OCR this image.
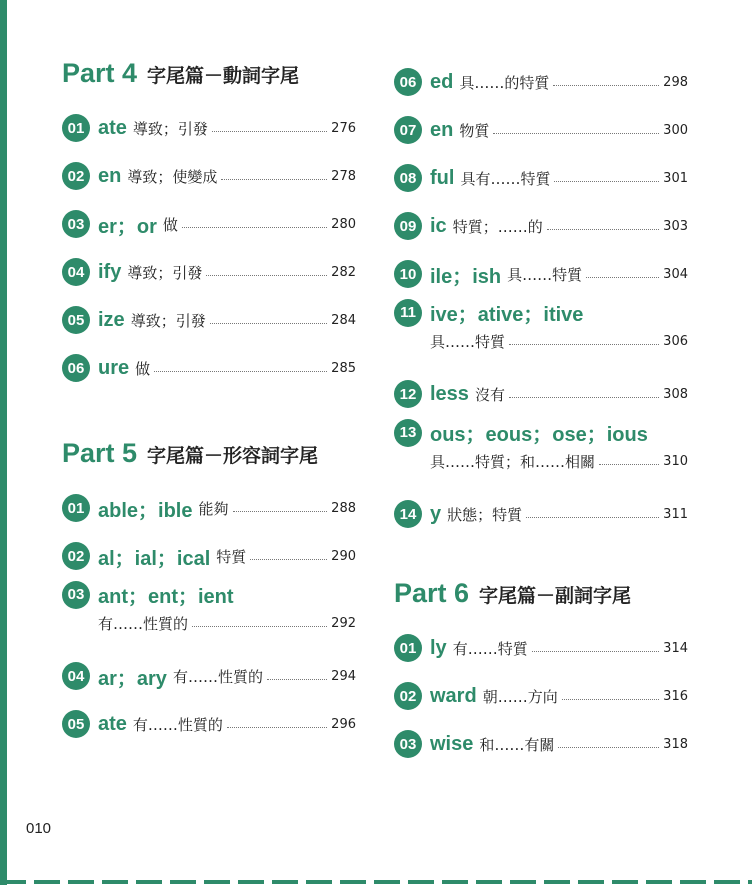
Part 4 字尾篇－動詞字尾
01 ate 導致；引發	276
02 en 導致；使變成	278
03 er；or 做	280
04 ify 導致；引發	282
05 ize 導致；引發	284
06 ure 做	285
Part 5 字尾篇－形容詞字尾
01 able；ible 能夠	288
02 al；ial；ical 特質	290
03 ant；ent；ient
有……性質的	292
04 ar；ary 有……性質的	294
05 ate 有……性質的	296
06 ed 具……的特質	298
07 en 物質	300
08 ful 具有……特質	301
09 ic 特質；……的	303
10 ile；ish 具……特質	304
11 ive；ative；itive
具……特質	306
12 less 沒有	308
13 ous；eous；ose；ious
具……特質；和……相關	310
14 y 狀態；特質	311
Part 6 字尾篇－副詞字尾
01 ly 有……特質	314
02 ward 朝……方向	316
03 wise 和……有關	318
010
